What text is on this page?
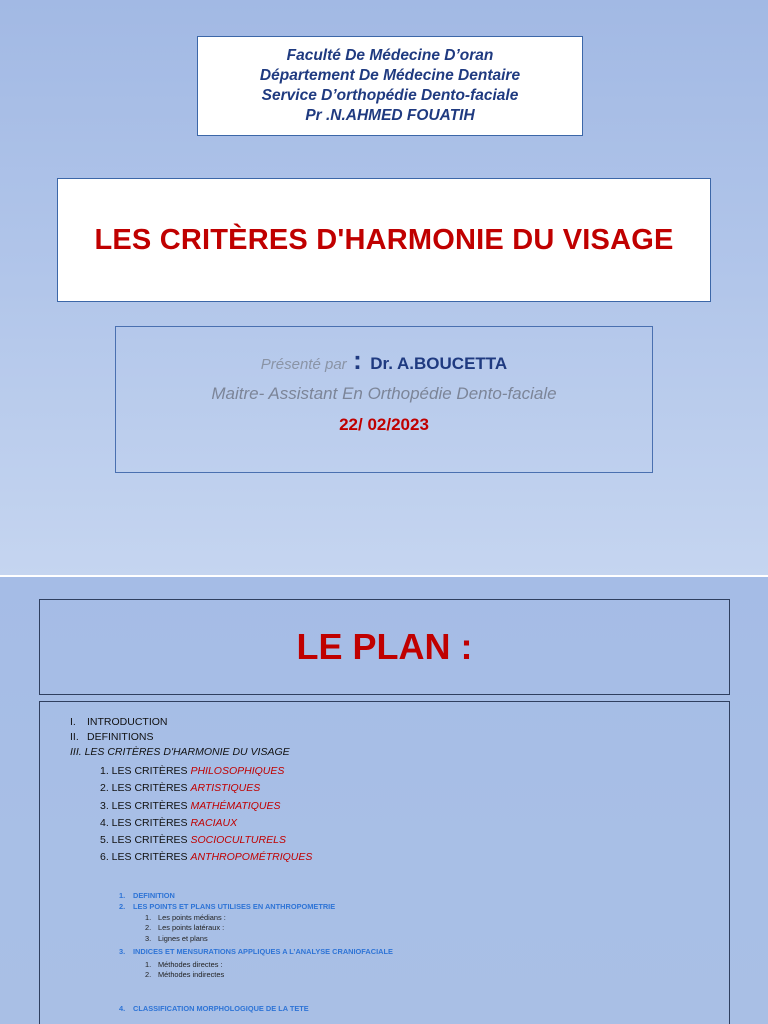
Faculté De Médecine D’oran
Département De Médecine Dentaire
Service D’orthopédie Dento-faciale
Pr .N.AHMED FOUATIH
LES CRITÈRES D'HARMONIE DU VISAGE
Présenté par : Dr. A.BOUCETTA
Maitre- Assistant En Orthopédie Dento-faciale
22/ 02/2023
LE PLAN :
I. INTRODUCTION
II. DEFINITIONS
III. LES CRITÈRES D'HARMONIE DU VISAGE
1. LES CRITÈRES PHILOSOPHIQUES
2. LES CRITÈRES ARTISTIQUES
3. LES CRITÈRES MATHÉMATIQUES
4. LES CRITÈRES RACIAUX
5. LES CRITÈRES SOCIOCULTURELS
6. LES CRITÈRES ANTHROPOMÉTRIQUES
1. DEFINITION
2. LES POINTS ET PLANS UTILISES EN ANTHROPOMETRIE
1. Les points médians :
2. Les points latéraux :
3. Lignes et plans
3. INDICES ET MENSURATIONS APPLIQUES A L’ANALYSE CRANIOFACIALE
1. Méthodes directes :
2. Méthodes indirectes
4. CLASSIFICATION MORPHOLOGIQUE DE LA TETE
